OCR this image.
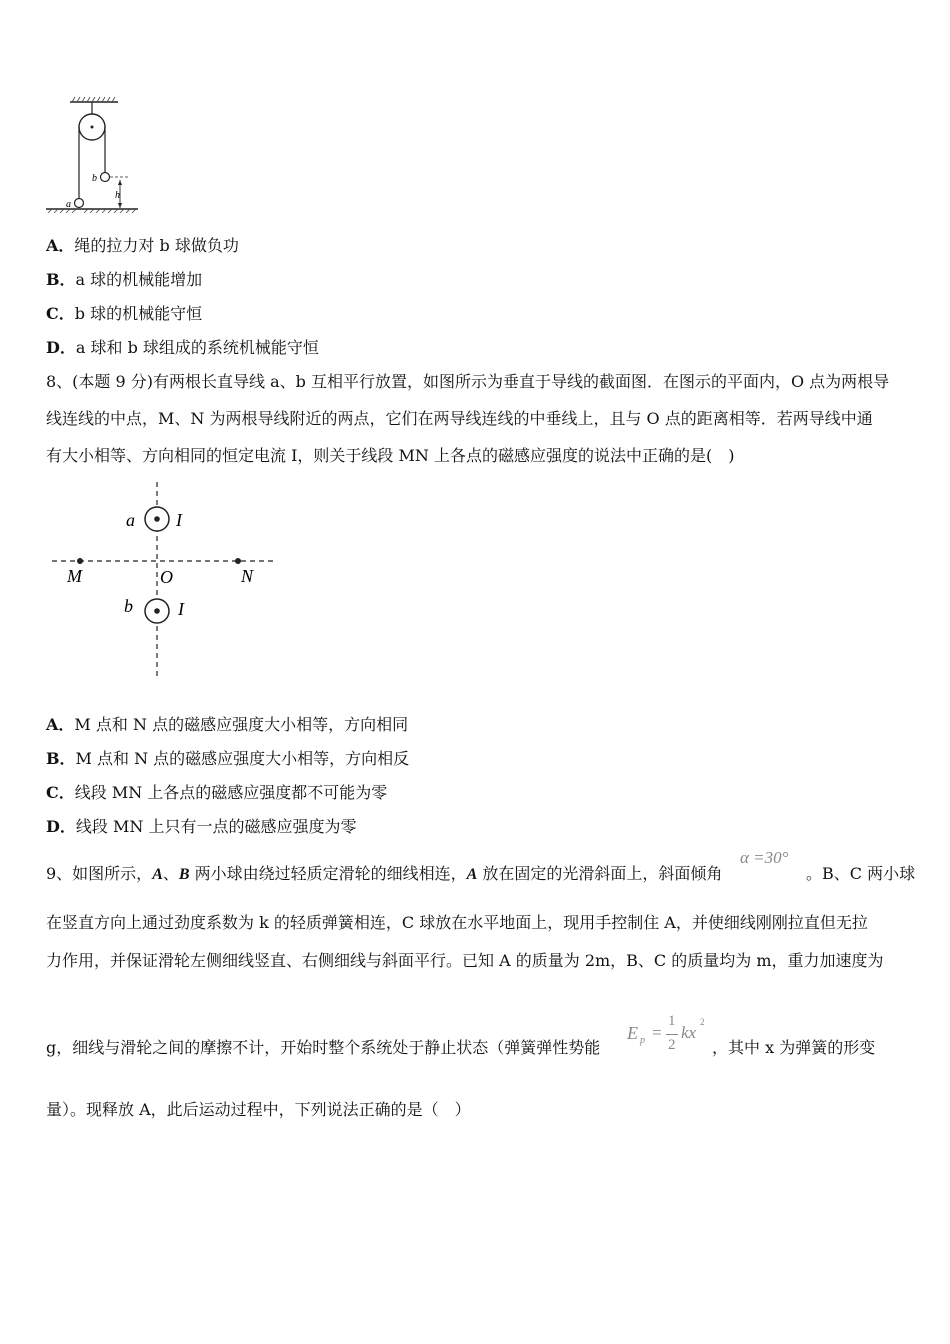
b
h
a
A．绳的拉力对 b 球做负功
B．a 球的机械能增加
C．b 球的机械能守恒
D．a 球和 b 球组成的系统机械能守恒
8、(本题 9 分)有两根长直导线 a、b 互相平行放置，如图所示为垂直于导线的截面图．在图示的平面内，O 点为两根导
线连线的中点，M、N 为两根导线附近的两点，它们在两导线连线的中垂线上，且与 O 点的距离相等．若两导线中通
有大小相等、方向相同的恒定电流 I，则关于线段 MN 上各点的磁感应强度的说法中正确的是(　)
a I
b	I
M	O	N
A．M 点和 N 点的磁感应强度大小相等，方向相同
B．M 点和 N 点的磁感应强度大小相等，方向相反
C．线段 MN 上各点的磁感应强度都不可能为零
D．线段 MN 上只有一点的磁感应强度为零
9、如图所示，A、B 两小球由绕过轻质定滑轮的细线相连，A 放在固定的光滑斜面上，斜面倾角
α =30°
。B、C 两小球
在竖直方向上通过劲度系数为 k 的轻质弹簧相连，C 球放在水平地面上，现用手控制住 A，并使细线刚刚拉直但无拉
力作用，并保证滑轮左侧细线竖直、右侧细线与斜面平行。已知 A 的质量为 2m，B、C 的质量均为 m，重力加速度为
g，细线与滑轮之间的摩擦不计，开始时整个系统处于静止状态（弹簧弹性势能
E p =
1
2
kx
2
，其中 x 为弹簧的形变
量）。现释放 A，此后运动过程中，下列说法正确的是（　）
